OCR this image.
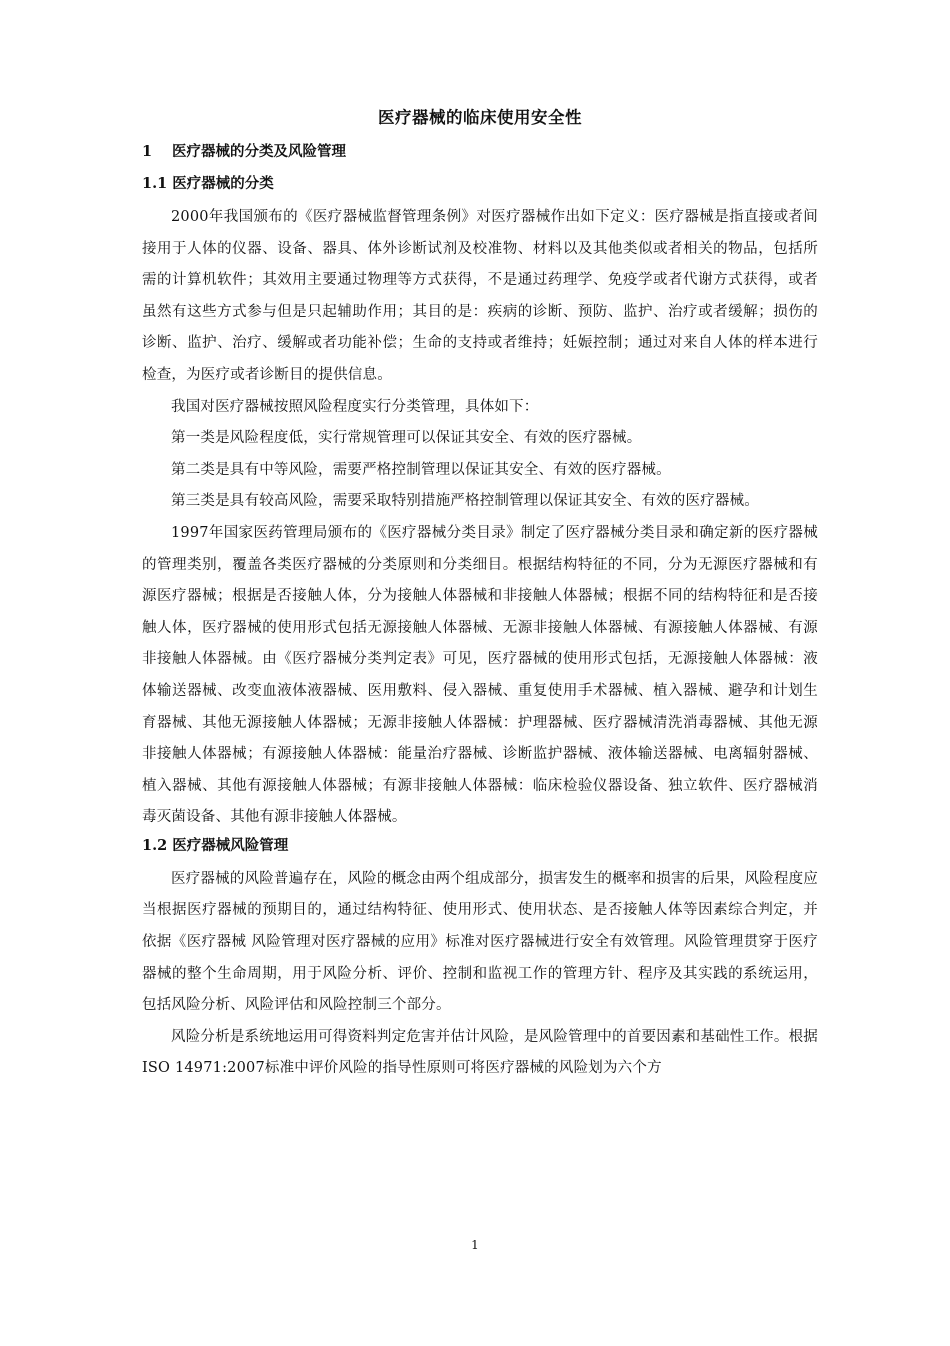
医疗器械的临床使用安全性
1 医疗器械的分类及风险管理
1.1 医疗器械的分类

2000年我国颁布的《医疗器械监督管理条例》对医疗器械作出如下定义：医疗器械是指直接或者间接用于人体的仪器、设备、器具、体外诊断试剂及校准物、材料以及其他类似或者相关的物品，包括所需的计算机软件；其效用主要通过物理等方式获得，不是通过药理学、免疫学或者代谢方式获得，或者虽然有这些方式参与但是只起辅助作用；其目的是：疾病的诊断、预防、监护、治疗或者缓解；损伤的诊断、监护、治疗、缓解或者功能补偿；生命的支持或者维持；妊娠控制；通过对来自人体的样本进行检查，为医疗或者诊断目的提供信息。

我国对医疗器械按照风险程度实行分类管理，具体如下：

第一类是风险程度低，实行常规管理可以保证其安全、有效的医疗器械。

第二类是具有中等风险，需要严格控制管理以保证其安全、有效的医疗器械。

第三类是具有较高风险，需要采取特别措施严格控制管理以保证其安全、有效的医疗器械。

1997年国家医药管理局颁布的《医疗器械分类目录》制定了医疗器械分类目录和确定新的医疗器械的管理类别，覆盖各类医疗器械的分类原则和分类细目。根据结构特征的不同，分为无源医疗器械和有源医疗器械；根据是否接触人体，分为接触人体器械和非接触人体器械；根据不同的结构特征和是否接触人体，医疗器械的使用形式包括无源接触人体器械、无源非接触人体器械、有源接触人体器械、有源非接触人体器械。由《医疗器械分类判定表》可见，医疗器械的使用形式包括，无源接触人体器械：液体输送器械、改变血液体液器械、医用敷料、侵入器械、重复使用手术器械、植入器械、避孕和计划生育器械、其他无源接触人体器械；无源非接触人体器械：护理器械、医疗器械清洗消毒器械、其他无源非接触人体器械；有源接触人体器械：能量治疗器械、诊断监护器械、液体输送器械、电离辐射器械、植入器械、其他有源接触人体器械；有源非接触人体器械：临床检验仪器设备、独立软件、医疗器械消毒灭菌设备、其他有源非接触人体器械。

1.2 医疗器械风险管理

医疗器械的风险普遍存在，风险的概念由两个组成部分，损害发生的概率和损害的后果，风险程度应当根据医疗器械的预期目的，通过结构特征、使用形式、使用状态、是否接触人体等因素综合判定，并依据《医疗器械 风险管理对医疗器械的应用》标准对医疗器械进行安全有效管理。风险管理贯穿于医疗器械的整个生命周期，用于风险分析、评价、控制和监视工作的管理方针、程序及其实践的系统运用，包括风险分析、风险评估和风险控制三个部分。

风险分析是系统地运用可得资料判定危害并估计风险，是风险管理中的首要因素和基础性工作。根据ISO 14971:2007标准中评价风险的指导性原则可将医疗器械的风险划为六个方

1
